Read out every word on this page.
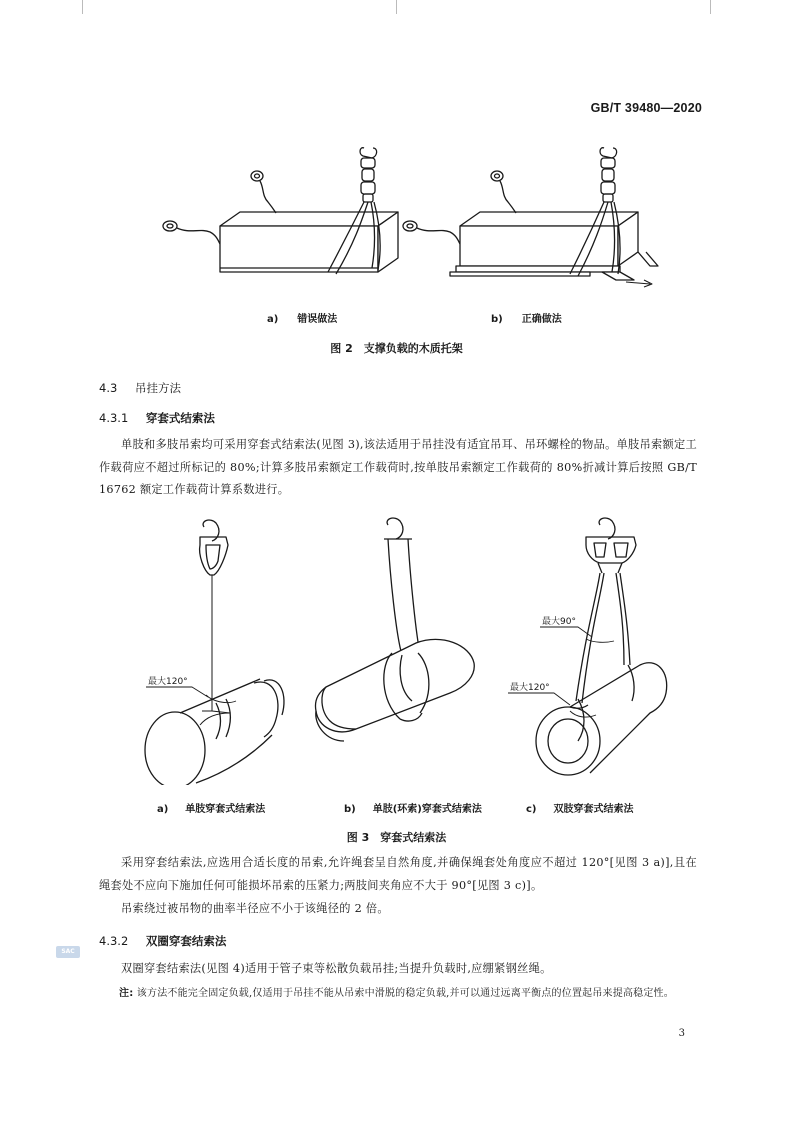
GB/T 39480—2020
a) 错误做法	b) 正确做法
图 2　支撑负载的木质托架
4.3 吊挂方法
4.3.1 穿套式结索法
单肢和多肢吊索均可采用穿套式结索法(见图 3),该法适用于吊挂没有适宜吊耳、吊环螺栓的物品。单肢吊索额定工作载荷应不超过所标记的 80%;计算多肢吊索额定工作载荷时,按单肢吊索额定工作载荷的 80%折减计算后按照 GB/T 16762 额定工作载荷计算系数进行。
最大120°
最大90°
最大120°
a) 单肢穿套式结索法	b) 单肢(环索)穿套式结索法	c) 双肢穿套式结索法
图 3　穿套式结索法
采用穿套结索法,应选用合适长度的吊索,允许绳套呈自然角度,并确保绳套处角度应不超过 120°[见图 3 a)],且在绳套处不应向下施加任何可能损坏吊索的压紧力;两肢间夹角应不大于 90°[见图 3 c)]。
吊索绕过被吊物的曲率半径应不小于该绳径的 2 倍。
4.3.2 双圈穿套结索法
SAC
双圈穿套结索法(见图 4)适用于管子束等松散负载吊挂;当提升负载时,应绷紧钢丝绳。
注: 该方法不能完全固定负载,仅适用于吊挂不能从吊索中滑脱的稳定负载,并可以通过远离平衡点的位置起吊来提高稳定性。
3
